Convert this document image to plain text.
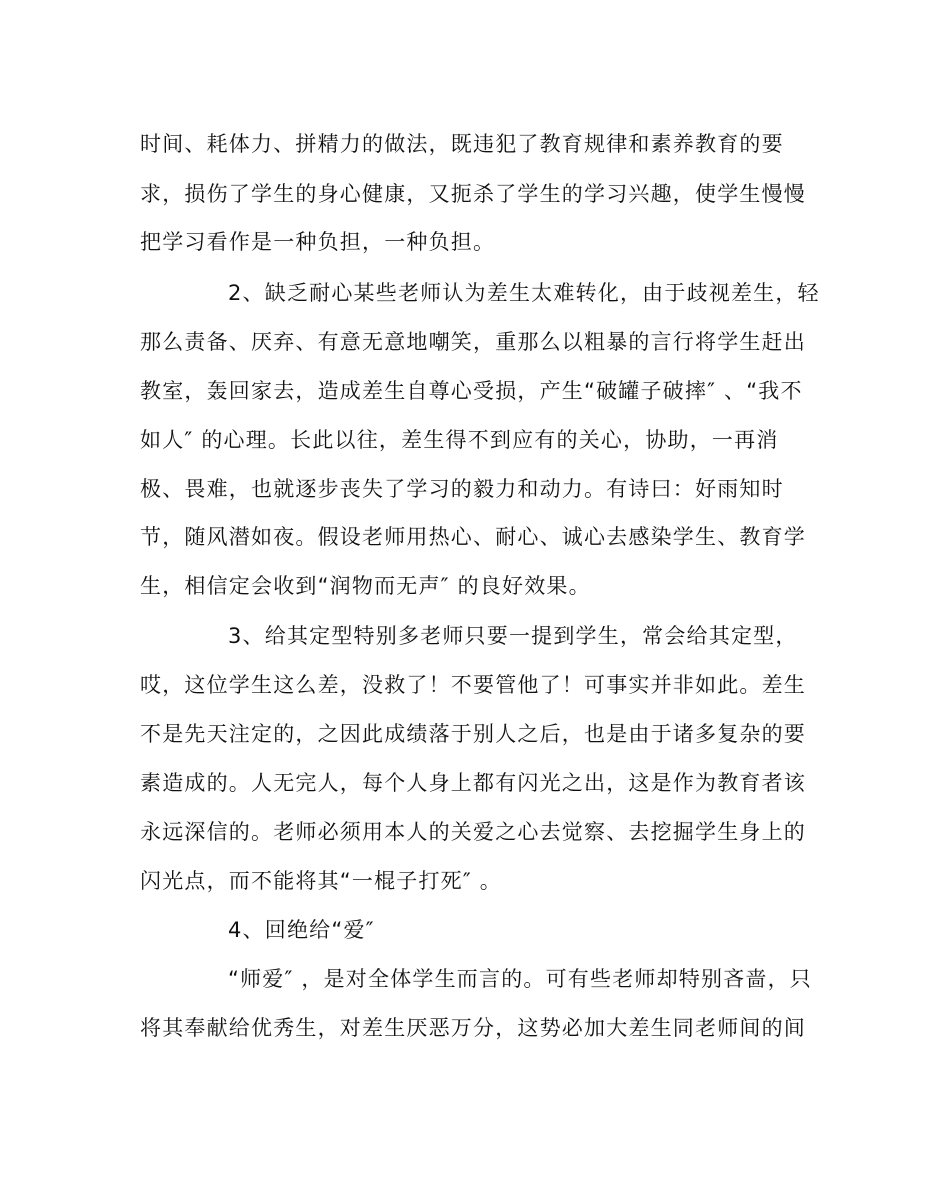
时间、耗体力、拼精力的做法，既违犯了教育规律和素养教育的要
求，损伤了学生的身心健康，又扼杀了学生的学习兴趣，使学生慢慢
把学习看作是一种负担，一种负担。
2、缺乏耐心某些老师认为差生太难转化，由于歧视差生，轻
那么责备、厌弃、有意无意地嘲笑，重那么以粗暴的言行将学生赶出
教室，轰回家去，造成差生自尊心受损，产生“破罐子破摔″ 、“我不
如人″ 的心理。长此以往，差生得不到应有的关心，协助，一再消
极、畏难，也就逐步丧失了学习的毅力和动力。有诗曰：好雨知时
节，随风潜如夜。假设老师用热心、耐心、诚心去感染学生、教育学
生，相信定会收到“润物而无声″ 的良好效果。
3、给其定型特别多老师只要一提到学生，常会给其定型，
哎，这位学生这么差，没救了！不要管他了！可事实并非如此。差生
不是先天注定的，之因此成绩落于别人之后，也是由于诸多复杂的要
素造成的。人无完人，每个人身上都有闪光之出，这是作为教育者该
永远深信的。老师必须用本人的关爱之心去觉察、去挖掘学生身上的
闪光点，而不能将其“一棍子打死″ 。
4、回绝给“爱″
“师爱″ ，是对全体学生而言的。可有些老师却特别吝啬，只
将其奉献给优秀生，对差生厌恶万分，这势必加大差生同老师间的间
